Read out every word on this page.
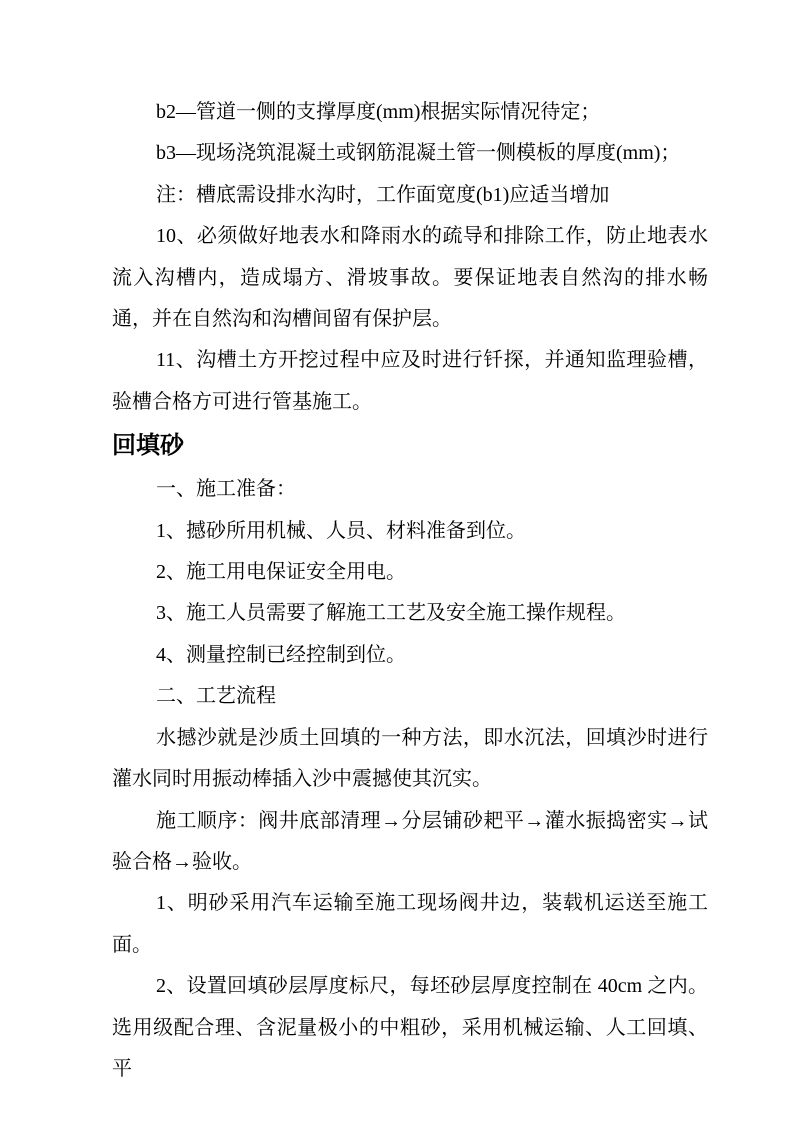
b2—管道一侧的支撑厚度(mm)根据实际情况待定；

b3—现场浇筑混凝土或钢筋混凝土管一侧模板的厚度(mm)；

注：槽底需设排水沟时，工作面宽度(b1)应适当增加

10、必须做好地表水和降雨水的疏导和排除工作，防止地表水流入沟槽内，造成塌方、滑坡事故。要保证地表自然沟的排水畅通，并在自然沟和沟槽间留有保护层。

11、沟槽土方开挖过程中应及时进行钎探，并通知监理验槽，验槽合格方可进行管基施工。

回填砂

一、施工准备：

1、撼砂所用机械、人员、材料准备到位。

2、施工用电保证安全用电。

3、施工人员需要了解施工工艺及安全施工操作规程。

4、测量控制已经控制到位。

二、工艺流程

水撼沙就是沙质土回填的一种方法，即水沉法，回填沙时进行灌水同时用振动棒插入沙中震撼使其沉实。

施工顺序：阀井底部清理→分层铺砂耙平→灌水振捣密实→试验合格→验收。

1、明砂采用汽车运输至施工现场阀井边，装载机运送至施工面。

2、设置回填砂层厚度标尺，每坯砂层厚度控制在 40cm 之内。选用级配合理、含泥量极小的中粗砂，采用机械运输、人工回填、平
